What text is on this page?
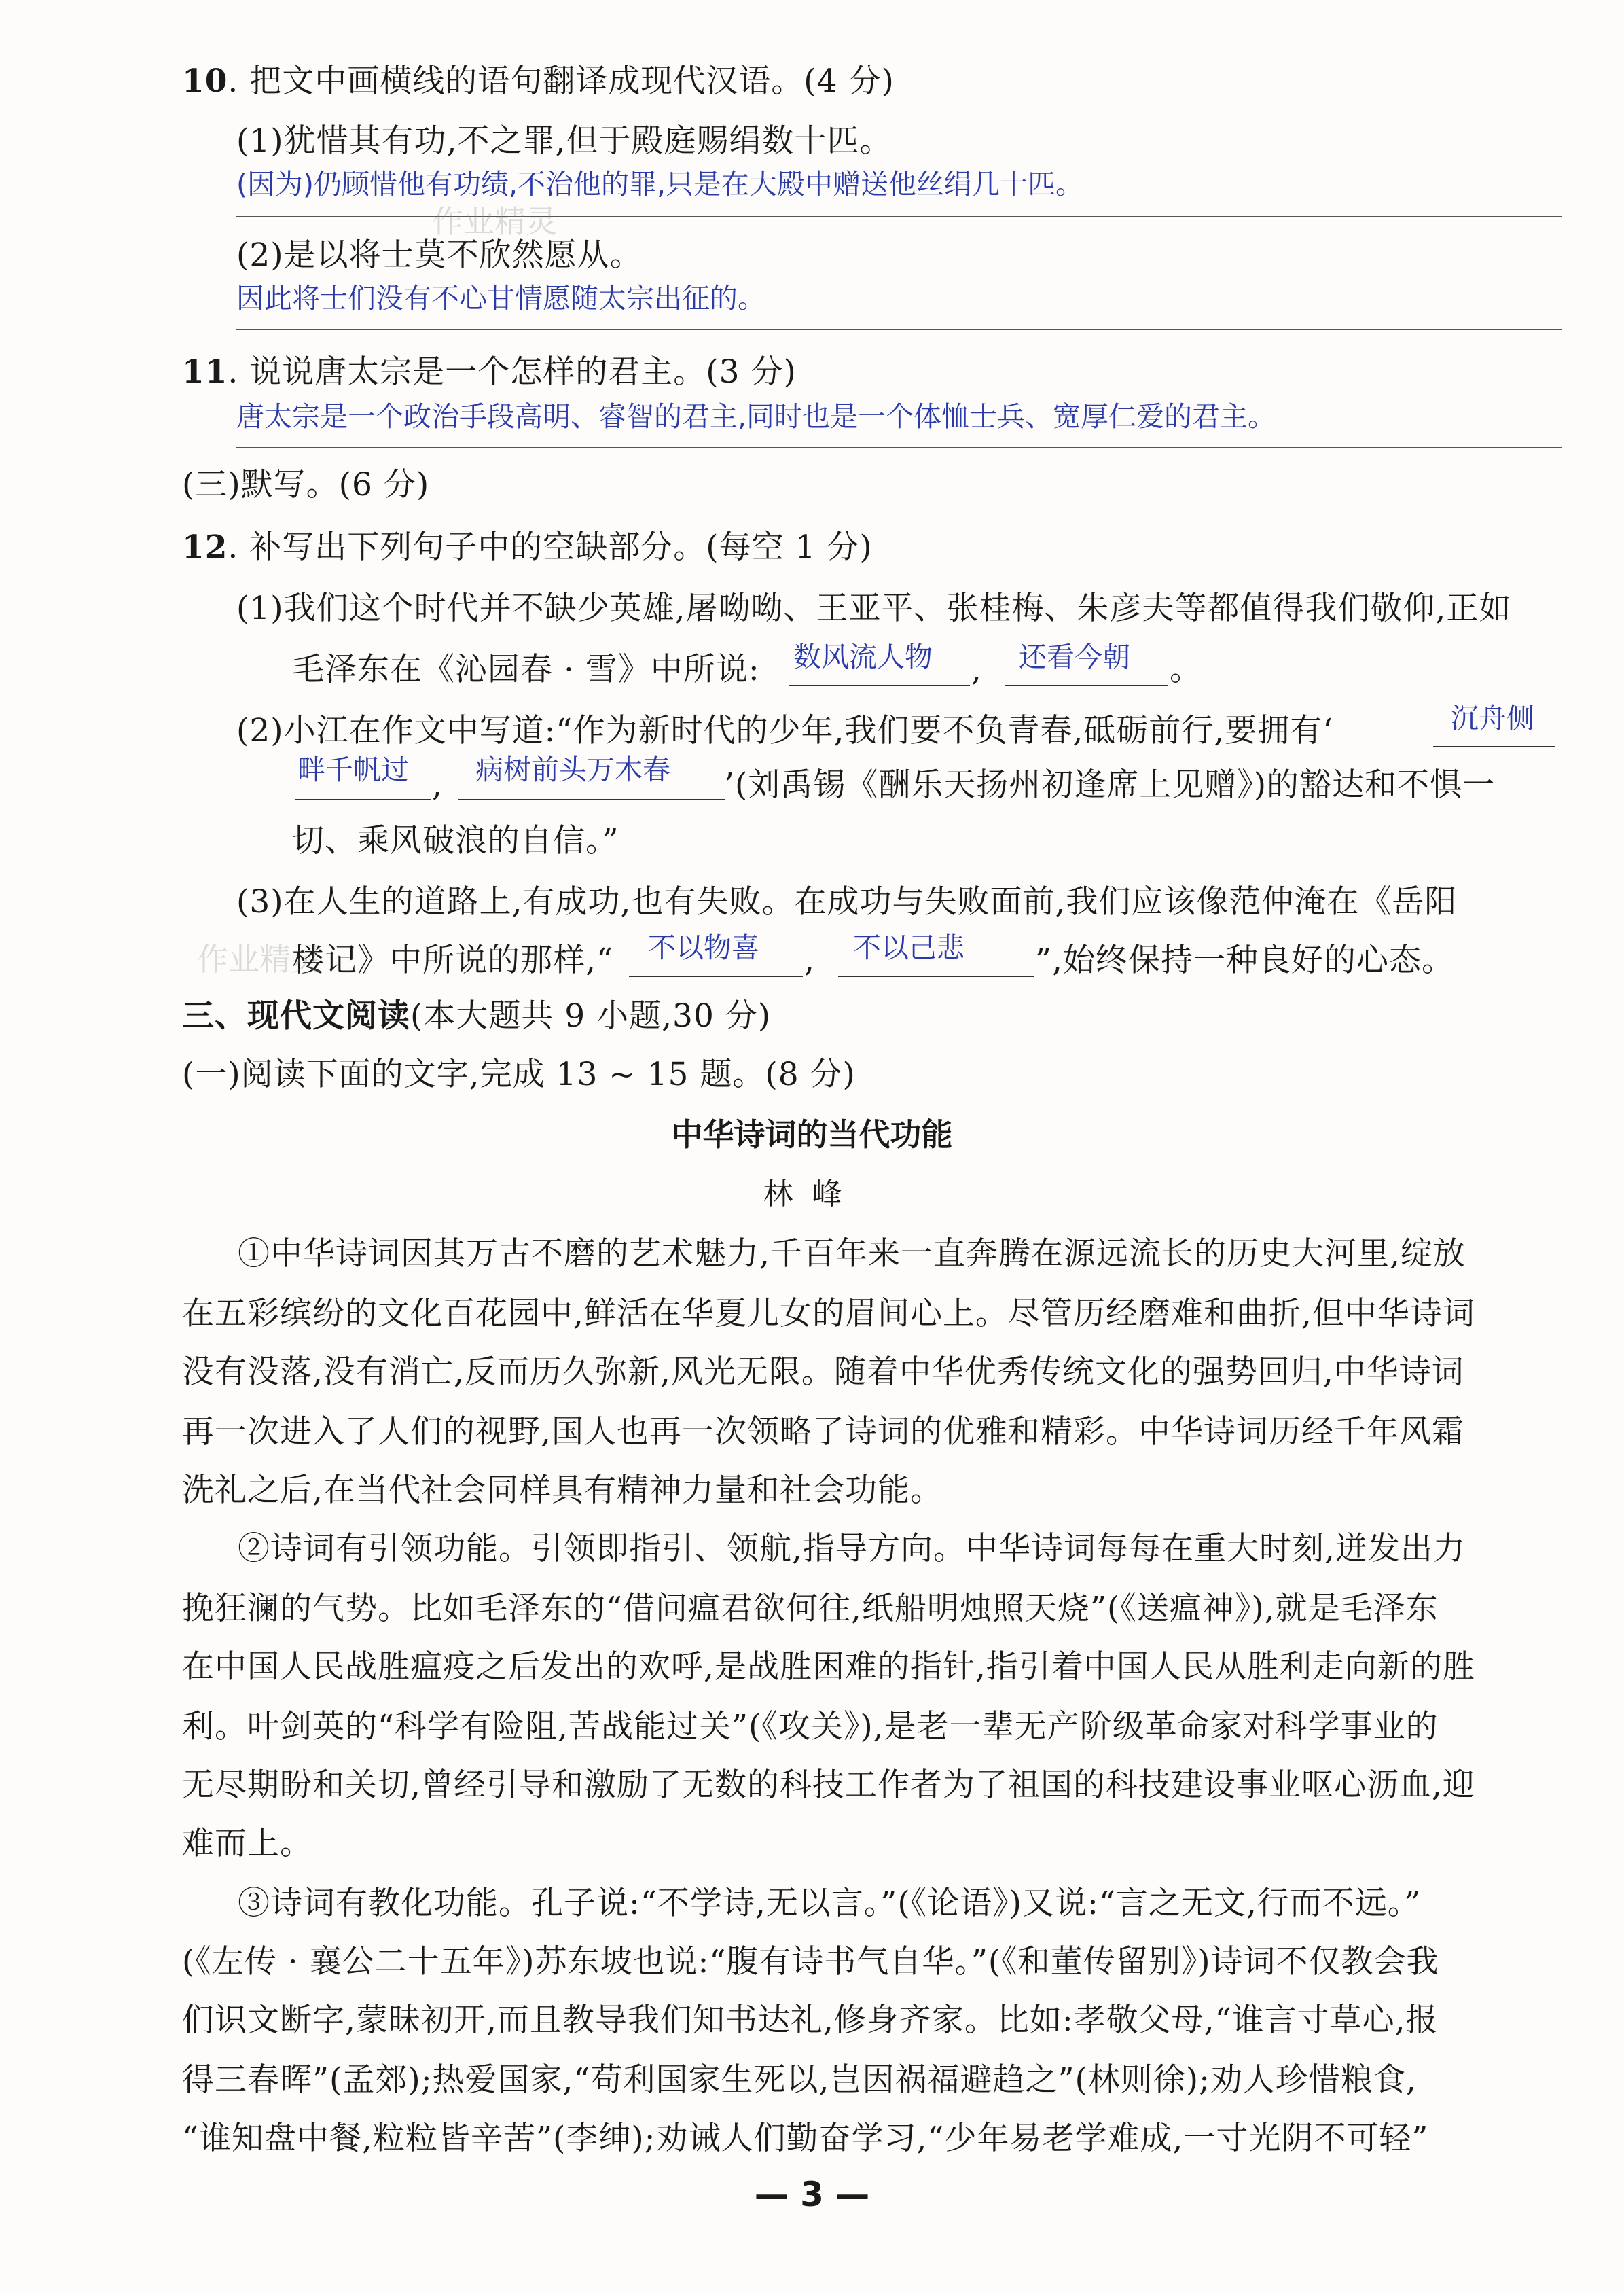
10. 把文中画横线的语句翻译成现代汉语。(4 分)
(1)犹惜其有功,不之罪,但于殿庭赐绢数十匹。
(因为)仍顾惜他有功绩,不治他的罪,只是在大殿中赠送他丝绢几十匹。
(2)是以将士莫不欣然愿从。
因此将士们没有不心甘情愿随太宗出征的。
11. 说说唐太宗是一个怎样的君主。(3 分)
唐太宗是一个政治手段高明、睿智的君主,同时也是一个体恤士兵、宽厚仁爱的君主。
(三)默写。(6 分)
12. 补写出下列句子中的空缺部分。(每空 1 分)
(1)我们这个时代并不缺少英雄,屠呦呦、王亚平、张桂梅、朱彦夫等都值得我们敬仰,正如
毛泽东在《沁园春 · 雪》中所说: 数风流人物 , 还看今朝 。
(2)小江在作文中写道:“作为新时代的少年,我们要不负青春,砥砺前行,要拥有‘	沉舟侧
畔千帆过 , 病树前头万木春 ’(刘禹锡《酬乐天扬州初逢席上见赠》)的豁达和不惧一
切、乘风破浪的自信。”
(3)在人生的道路上,有成功,也有失败。在成功与失败面前,我们应该像范仲淹在《岳阳
楼记》中所说的那样,“ 不以物喜 , 不以己悲 ”,始终保持一种良好的心态。
三、现代文阅读(本大题共 9 小题,30 分)
(一)阅读下面的文字,完成 13 ~ 15 题。(8 分)
中华诗词的当代功能
林峰
①中华诗词因其万古不磨的艺术魅力,千百年来一直奔腾在源远流长的历史大河里,绽放
在五彩缤纷的文化百花园中,鲜活在华夏儿女的眉间心上。尽管历经磨难和曲折,但中华诗词
没有没落,没有消亡,反而历久弥新,风光无限。随着中华优秀传统文化的强势回归,中华诗词
再一次进入了人们的视野,国人也再一次领略了诗词的优雅和精彩。中华诗词历经千年风霜
洗礼之后,在当代社会同样具有精神力量和社会功能。
②诗词有引领功能。引领即指引、领航,指导方向。中华诗词每每在重大时刻,迸发出力
挽狂澜的气势。比如毛泽东的“借问瘟君欲何往,纸船明烛照天烧”(《送瘟神》),就是毛泽东
在中国人民战胜瘟疫之后发出的欢呼,是战胜困难的指针,指引着中国人民从胜利走向新的胜
利。叶剑英的“科学有险阻,苦战能过关”(《攻关》),是老一辈无产阶级革命家对科学事业的
无尽期盼和关切,曾经引导和激励了无数的科技工作者为了祖国的科技建设事业呕心沥血,迎
难而上。
③诗词有教化功能。孔子说:“不学诗,无以言。”(《论语》)又说:“言之无文,行而不远。”
(《左传 · 襄公二十五年》)苏东坡也说:“腹有诗书气自华。”(《和董传留别》)诗词不仅教会我
们识文断字,蒙昧初开,而且教导我们知书达礼,修身齐家。比如:孝敬父母,“谁言寸草心,报
得三春晖”(孟郊);热爱国家,“苟利国家生死以,岂因祸福避趋之”(林则徐);劝人珍惜粮食,
“谁知盘中餐,粒粒皆辛苦”(李绅);劝诫人们勤奋学习,“少年易老学难成,一寸光阴不可轻”
— 3 —
作业精灵
作业精灵
